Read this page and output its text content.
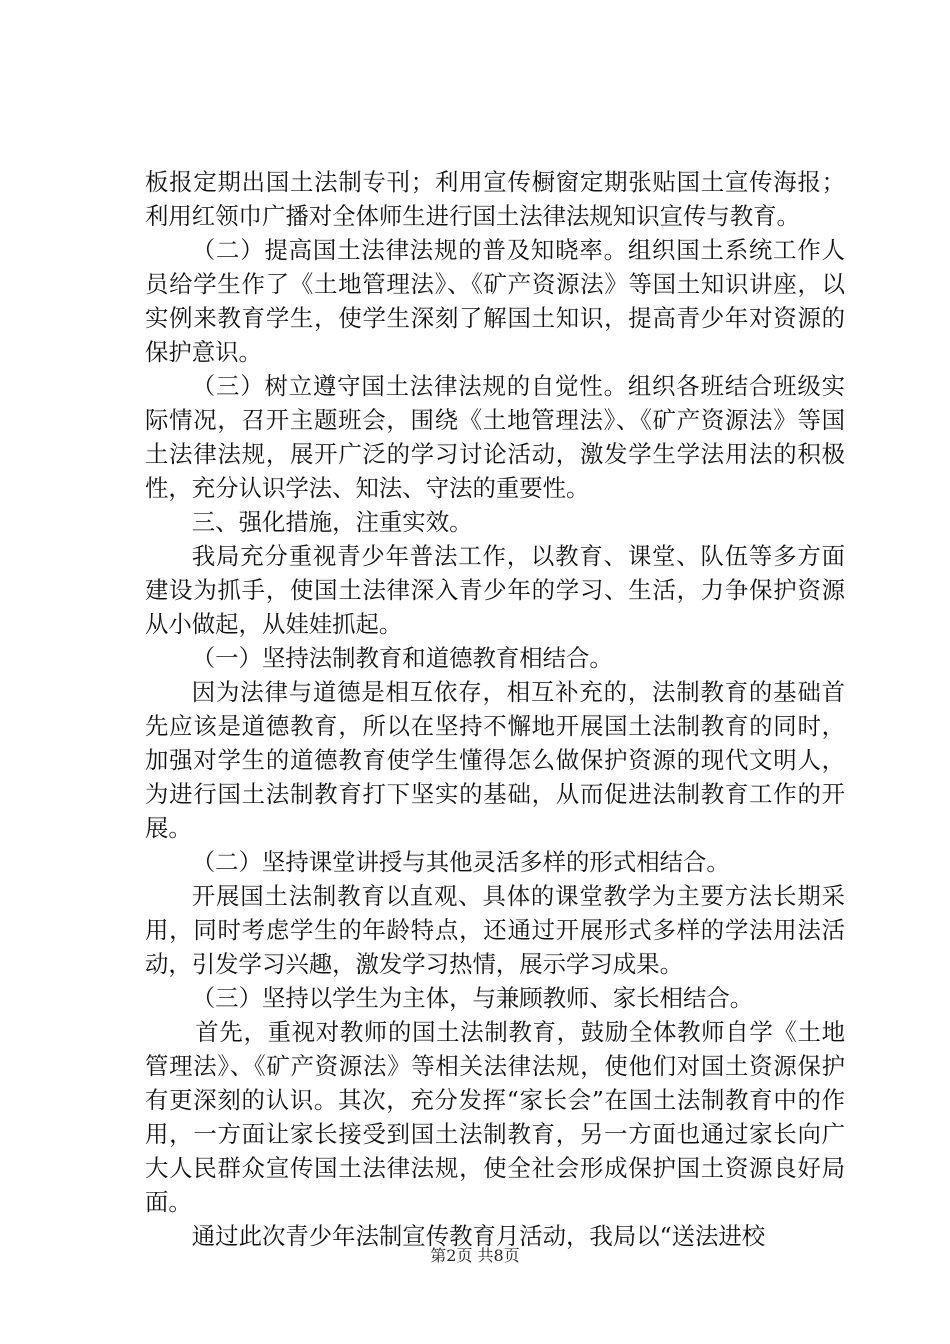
板报定期出国土法制专刊；利用宣传橱窗定期张贴国土宣传海报；利用红领巾广播对全体师生进行国土法律法规知识宣传与教育。

（二）提高国土法律法规的普及知晓率。组织国土系统工作人员给学生作了《土地管理法》、《矿产资源法》等国土知识讲座，以实例来教育学生，使学生深刻了解国土知识，提高青少年对资源的保护意识。

（三）树立遵守国土法律法规的自觉性。组织各班结合班级实际情况，召开主题班会，围绕《土地管理法》、《矿产资源法》等国土法律法规，展开广泛的学习讨论活动，激发学生学法用法的积极性，充分认识学法、知法、守法的重要性。

三、强化措施，注重实效。

我局充分重视青少年普法工作，以教育、课堂、队伍等多方面建设为抓手，使国土法律深入青少年的学习、生活，力争保护资源从小做起，从娃娃抓起。

（一）坚持法制教育和道德教育相结合。

因为法律与道德是相互依存，相互补充的，法制教育的基础首先应该是道德教育，所以在坚持不懈地开展国土法制教育的同时，加强对学生的道德教育使学生懂得怎么做保护资源的现代文明人，为进行国土法制教育打下坚实的基础，从而促进法制教育工作的开展。

（二）坚持课堂讲授与其他灵活多样的形式相结合。

开展国土法制教育以直观、具体的课堂教学为主要方法长期采用，同时考虑学生的年龄特点，还通过开展形式多样的学法用法活动，引发学习兴趣，激发学习热情，展示学习成果。

（三）坚持以学生为主体，与兼顾教师、家长相结合。

首先，重视对教师的国土法制教育，鼓励全体教师自学《土地管理法》、《矿产资源法》等相关法律法规，使他们对国土资源保护有更深刻的认识。其次，充分发挥“家长会”在国土法制教育中的作用，一方面让家长接受到国土法制教育，另一方面也通过家长向广大人民群众宣传国土法律法规，使全社会形成保护国土资源良好局面。

通过此次青少年法制宣传教育月活动，我局以“送法进校

第2页 共8页
